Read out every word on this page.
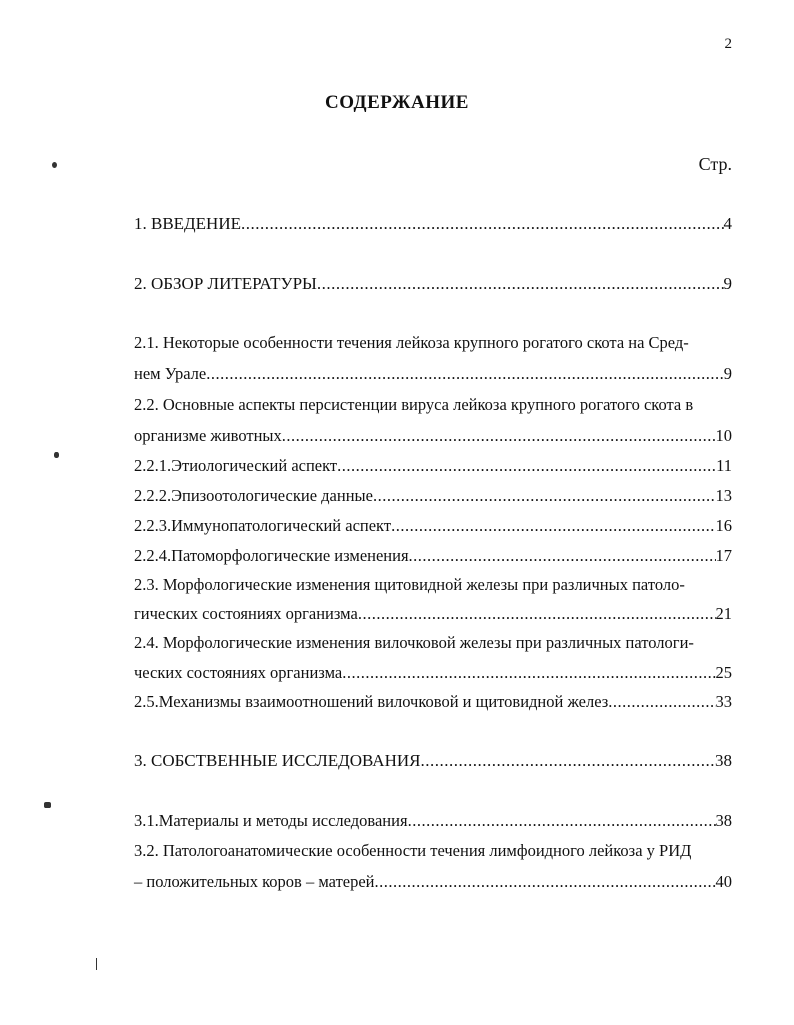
2
СОДЕРЖАНИЕ
Стр.
1. ВВЕДЕНИЕ .....	4
2. ОБЗОР ЛИТЕРАТУРЫ .....	9
2.1. Некоторые особенности течения лейкоза крупного рогатого скота на Сред-
нем Урале .....	9
2.2. Основные аспекты персистенции вируса лейкоза крупного рогатого скота в
организме животных .....	10
2.2.1.Этиологический аспект .....	11
2.2.2.Эпизоотологические данные .....	13
2.2.3.Иммунопатологический аспект .....	16
2.2.4.Патоморфологические изменения .....	17
2.3. Морфологические изменения щитовидной железы при различных патоло-
гических состояниях организма .....	21
2.4. Морфологические изменения вилочковой железы при различных патологи-
ческих состояниях организма .....	25
2.5.Механизмы взаимоотношений вилочковой и щитовидной желез .....	33
3. СОБСТВЕННЫЕ ИССЛЕДОВАНИЯ .....	38
3.1.Материалы и методы исследования .....	38
3.2. Патологоанатомические особенности течения лимфоидного лейкоза у РИД
– положительных коров – матерей .....	40
